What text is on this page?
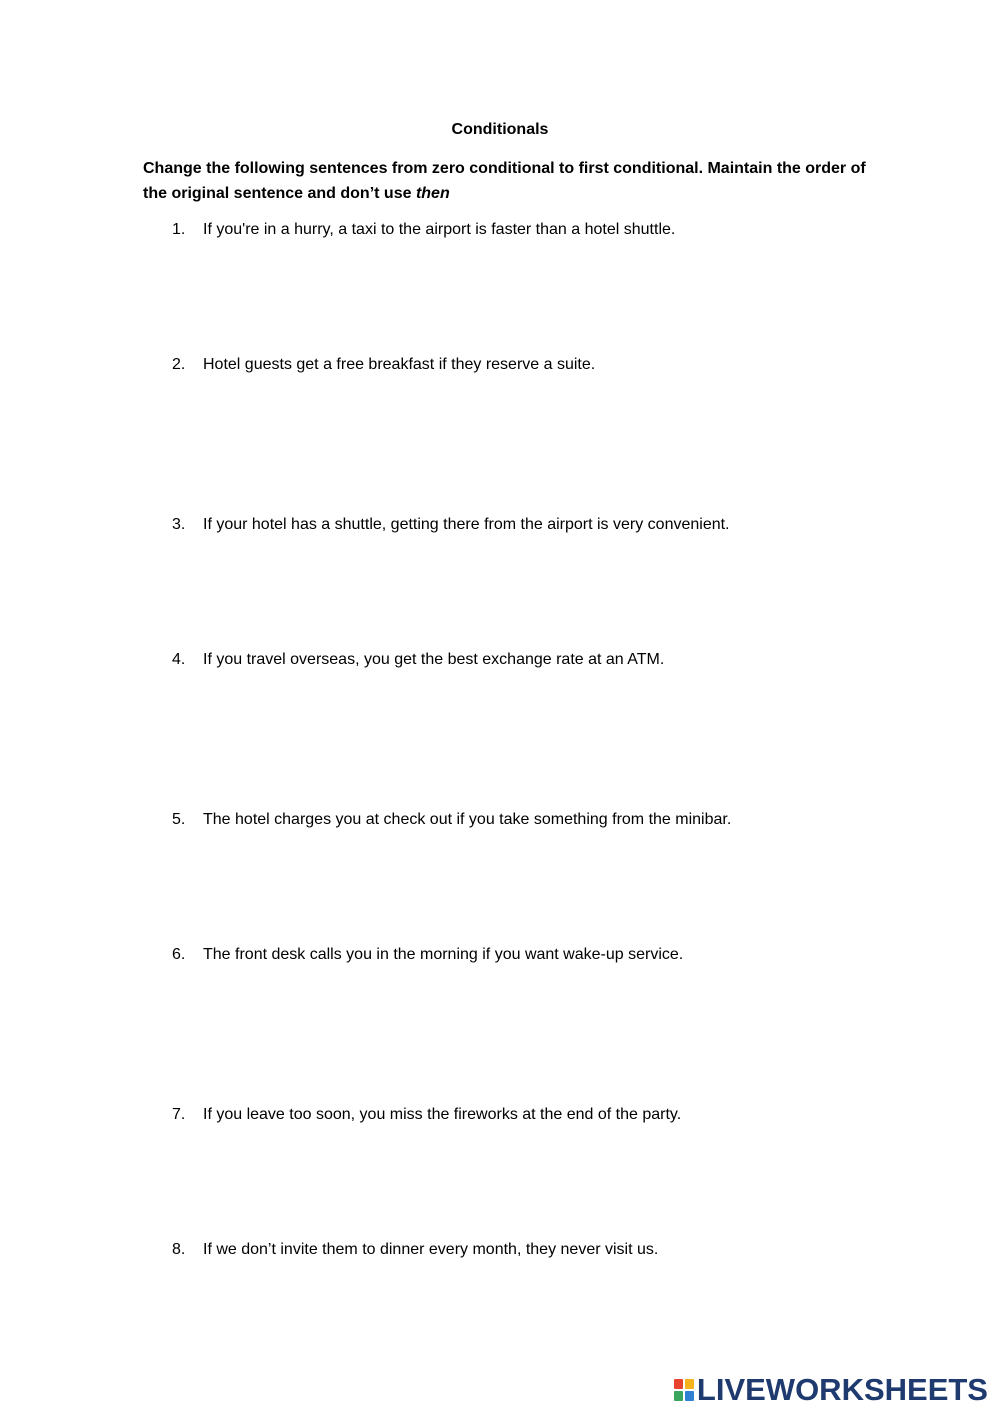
Conditionals
Change the following sentences from zero conditional to first conditional. Maintain the order of the original sentence and don’t use then
1. If you're in a hurry, a taxi to the airport is faster than a hotel shuttle.
2. Hotel guests get a free breakfast if they reserve a suite.
3. If your hotel has a shuttle, getting there from the airport is very convenient.
4. If you travel overseas, you get the best exchange rate at an ATM.
5. The hotel charges you at check out if you take something from the minibar.
6. The front desk calls you in the morning if you want wake-up service.
7. If you leave too soon, you miss the fireworks at the end of the party.
8. If we don’t invite them to dinner every month, they never visit us.
LIVEWORKSHEETS
